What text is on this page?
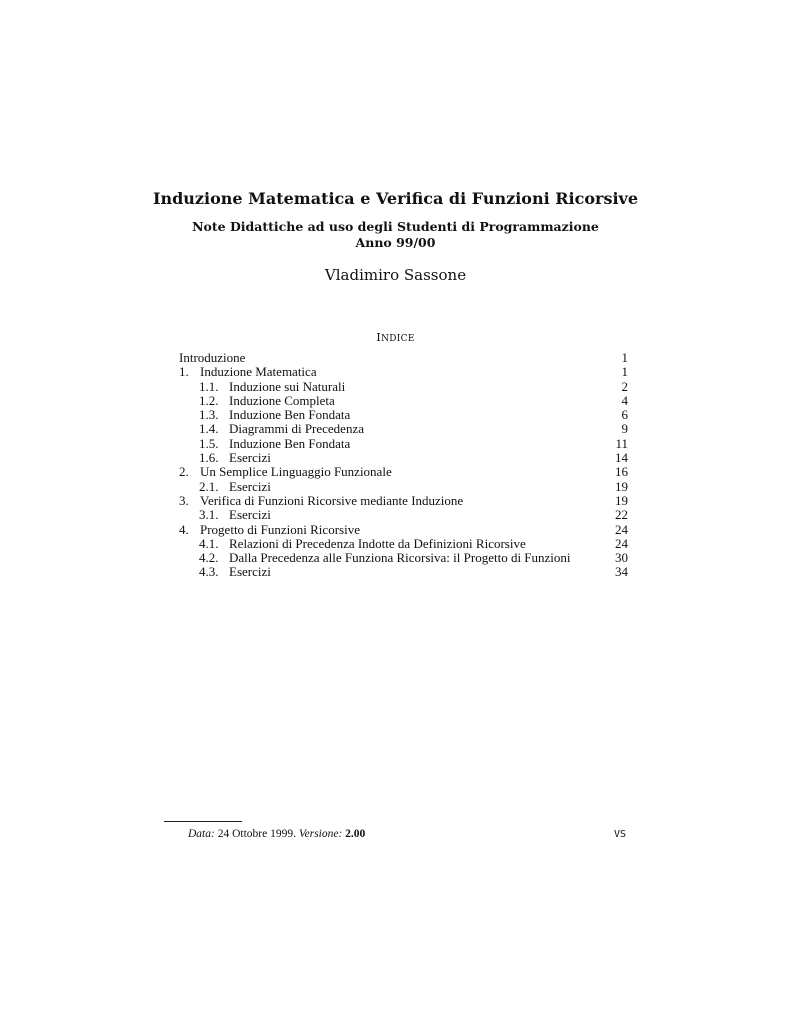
Induzione Matematica e Verifica di Funzioni Ricorsive
Note Didattiche ad uso degli Studenti di Programmazione
Anno 99/00
Vladimiro Sassone
INDICE
Introduzione	1
1. Induzione Matematica	1
1.1. Induzione sui Naturali	2
1.2. Induzione Completa	4
1.3. Induzione Ben Fondata	6
1.4. Diagrammi di Precedenza	9
1.5. Induzione Ben Fondata	11
1.6. Esercizi	14
2. Un Semplice Linguaggio Funzionale	16
2.1. Esercizi	19
3. Verifica di Funzioni Ricorsive mediante Induzione	19
3.1. Esercizi	22
4. Progetto di Funzioni Ricorsive	24
4.1. Relazioni di Precedenza Indotte da Definizioni Ricorsive	24
4.2. Dalla Precedenza alle Funziona Ricorsiva: il Progetto di Funzioni	30
4.3. Esercizi	34
Data: 24 Ottobre 1999. Versione: 2.00	VS
